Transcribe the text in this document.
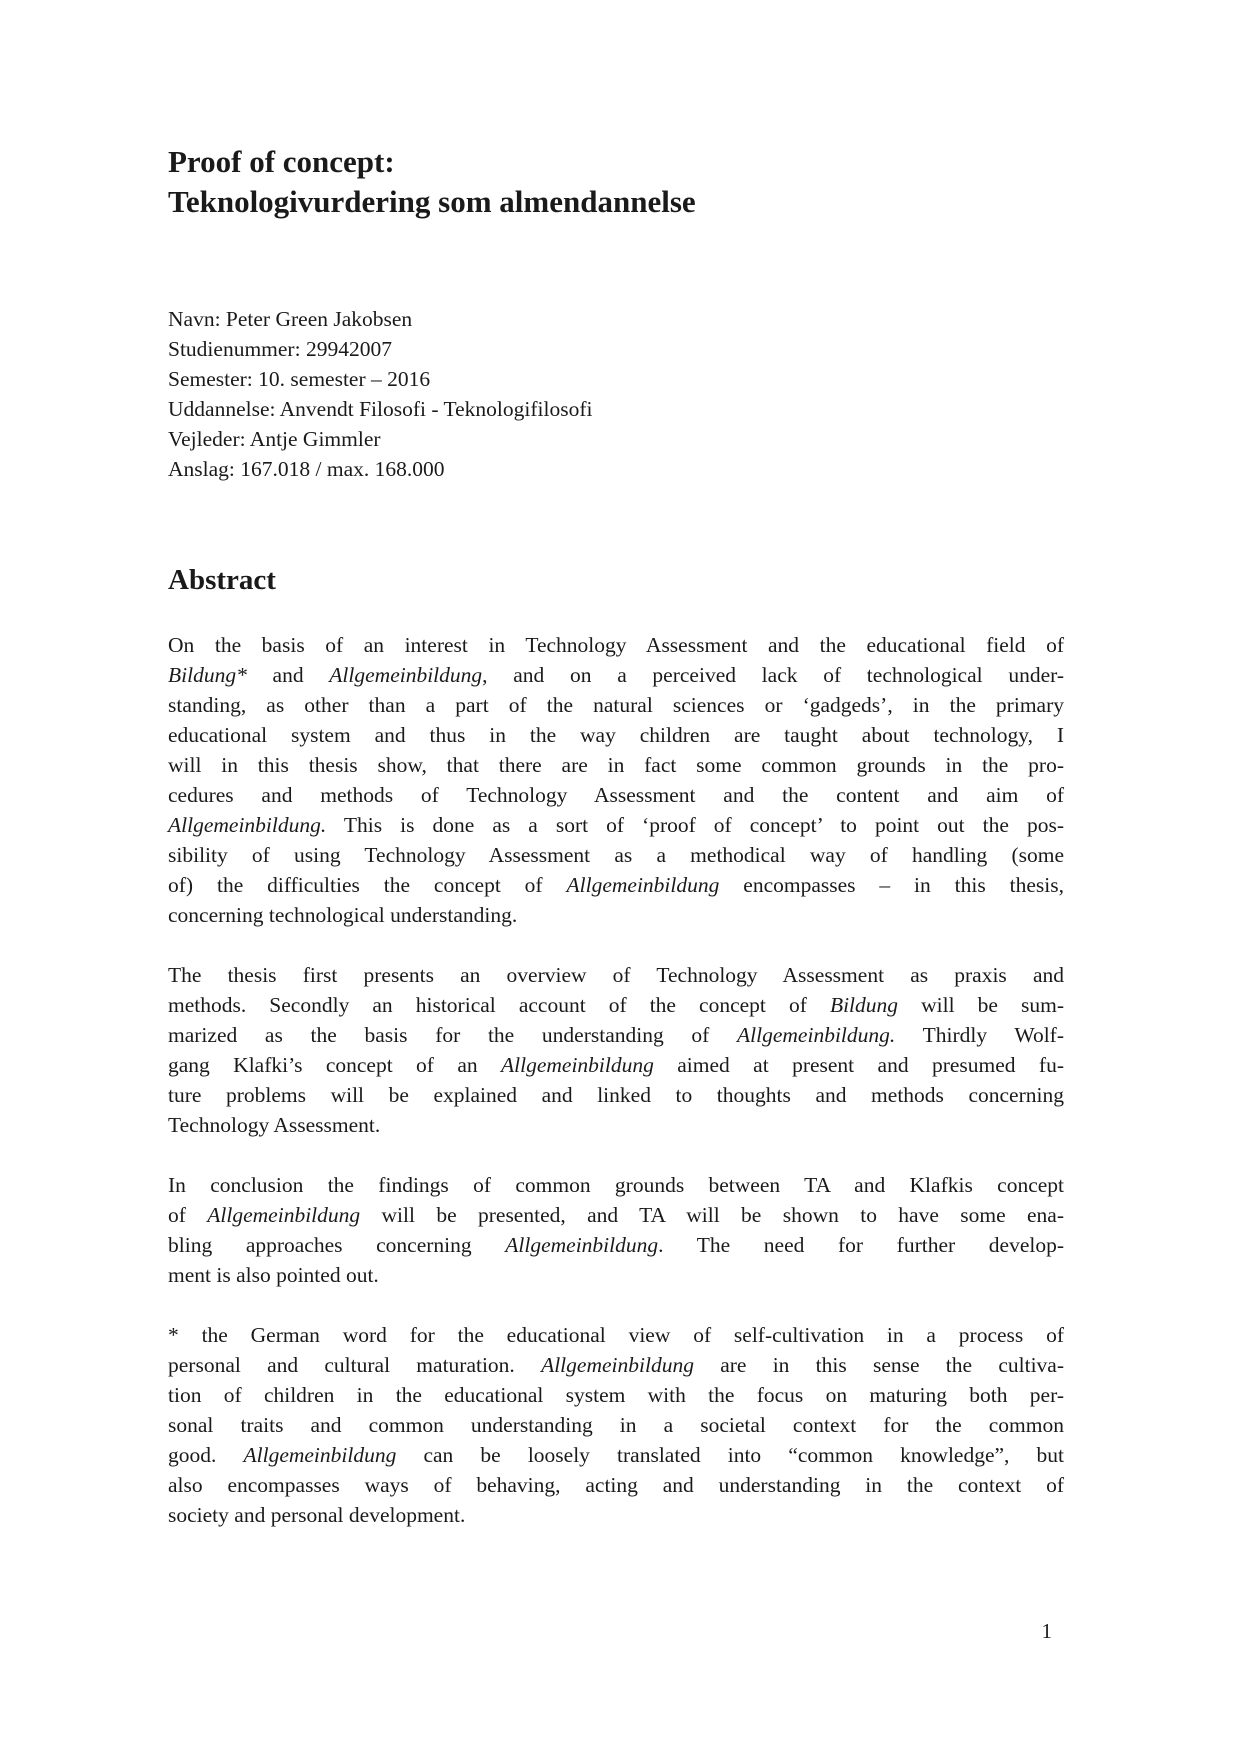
Proof of concept:
Teknologivurdering som almendannelse
Navn: Peter Green Jakobsen
Studienummer: 29942007
Semester: 10. semester – 2016
Uddannelse: Anvendt Filosofi - Teknologifilosofi
Vejleder: Antje Gimmler
Anslag: 167.018 / max. 168.000
Abstract
On the basis of an interest in Technology Assessment and the educational field of
Bildung* and Allgemeinbildung, and on a perceived lack of technological under-
standing, as other than a part of the natural sciences or ‘gadgeds’, in the primary
educational system and thus in the way children are taught about technology, I
will in this thesis show, that there are in fact some common grounds in the pro-
cedures and methods of Technology Assessment and the content and aim of
Allgemeinbildung. This is done as a sort of ‘proof of concept’ to point out the pos-
sibility of using Technology Assessment as a methodical way of handling (some
of) the difficulties the concept of Allgemeinbildung encompasses – in this thesis,
concerning technological understanding.
The thesis first presents an overview of Technology Assessment as praxis and
methods. Secondly an historical account of the concept of Bildung will be sum-
marized as the basis for the understanding of Allgemeinbildung. Thirdly Wolf-
gang Klafki’s concept of an Allgemeinbildung aimed at present and presumed fu-
ture problems will be explained and linked to thoughts and methods concerning
Technology Assessment.
In conclusion the findings of common grounds between TA and Klafkis concept
of Allgemeinbildung will be presented, and TA will be shown to have some ena-
bling approaches concerning Allgemeinbildung. The need for further develop-
ment is also pointed out.
* the German word for the educational view of self-cultivation in a process of
personal and cultural maturation. Allgemeinbildung are in this sense the cultiva-
tion of children in the educational system with the focus on maturing both per-
sonal traits and common understanding in a societal context for the common
good. Allgemeinbildung can be loosely translated into “common knowledge”, but
also encompasses ways of behaving, acting and understanding in the context of
society and personal development.
1
